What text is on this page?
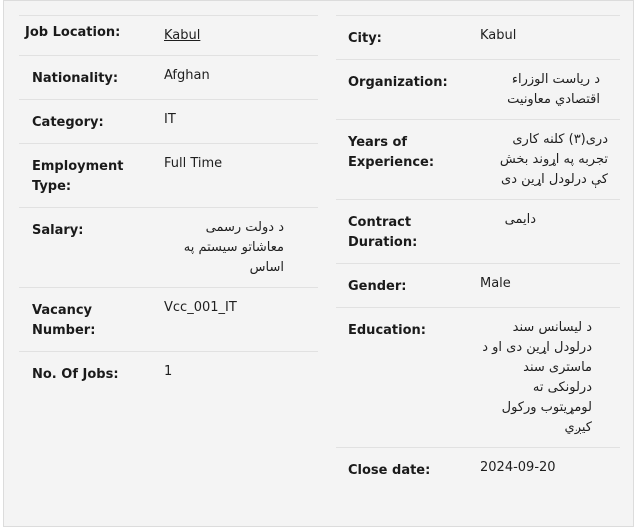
Job Location:	Kabul
Nationality:	Afghan
Category:	IT
Employment Type:
Full Time
Salary:	د دولت رسمی معاشاتو سیستم په اساس
Vacancy Number:
Vcc_001_IT
No. Of Jobs:	1
City:	Kabul
Organization:	د ریاست الوزراء اقتصادي معاونیت
Years of Experience:
دری(۳) کلنه کاری تجربه په اړوند بخش کې درلودل اړین دی
Contract Duration:
دایمی
Gender:	Male
Education:	د لیسانس سند درلودل اړین دی او د ماستری سند درلونکی ته لومړیتوب ورکول کیږي
Close date:	2024-09-20
